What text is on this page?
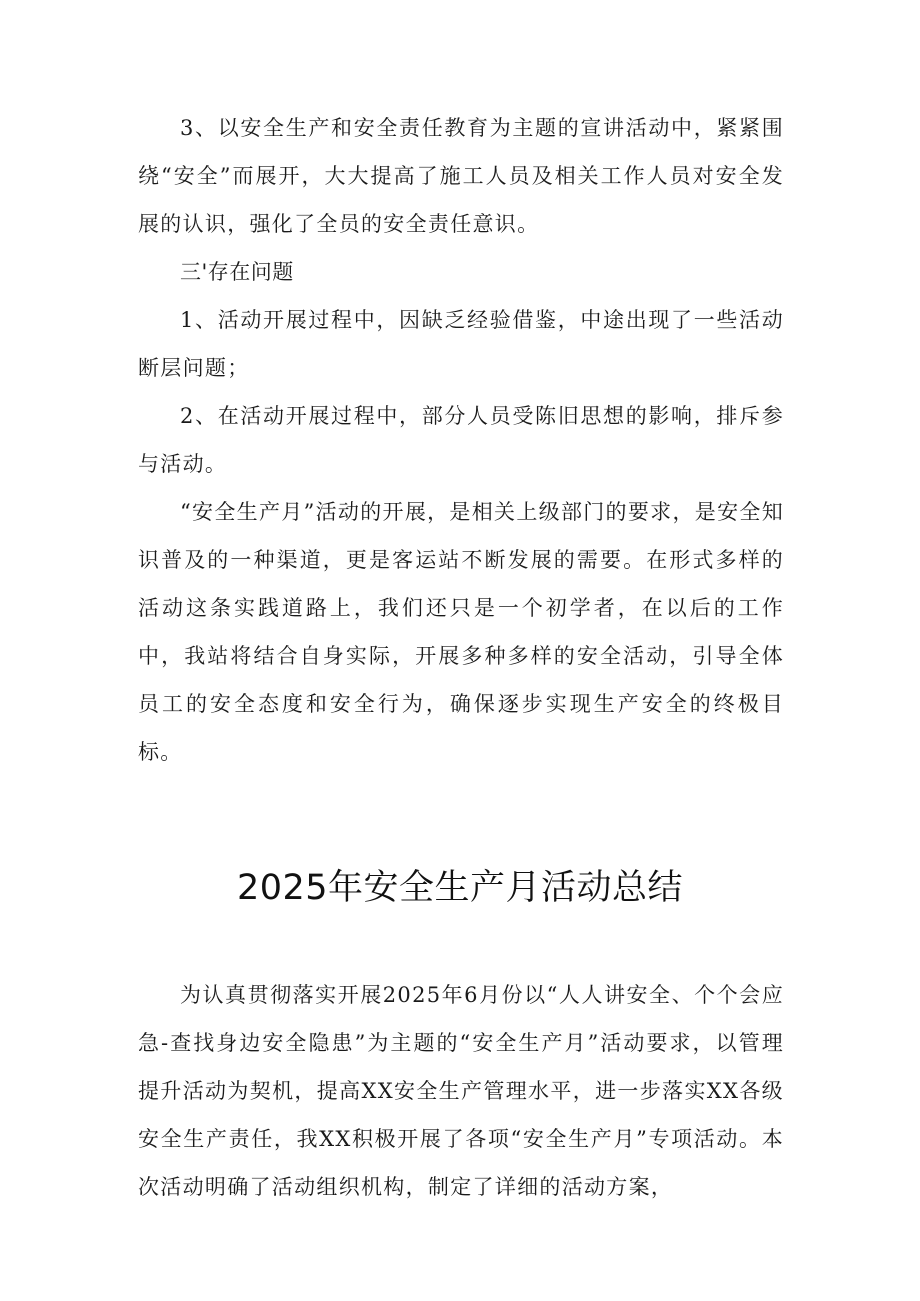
3、以安全生产和安全责任教育为主题的宣讲活动中，紧紧围绕“安全”而展开，大大提高了施工人员及相关工作人员对安全发展的认识，强化了全员的安全责任意识。

三'存在问题

1、活动开展过程中，因缺乏经验借鉴，中途出现了一些活动断层问题；

2、在活动开展过程中，部分人员受陈旧思想的影响，排斥参与活动。

“安全生产月”活动的开展，是相关上级部门的要求，是安全知识普及的一种渠道，更是客运站不断发展的需要。在形式多样的活动这条实践道路上，我们还只是一个初学者，在以后的工作中，我站将结合自身实际，开展多种多样的安全活动，引导全体员工的安全态度和安全行为，确保逐步实现生产安全的终极目标。

2025年安全生产月活动总结

为认真贯彻落实开展2025年6月份以“人人讲安全、个个会应急-查找身边安全隐患”为主题的“安全生产月”活动要求，以管理提升活动为契机，提高XX安全生产管理水平，进一步落实XX各级安全生产责任，我XX积极开展了各项“安全生产月”专项活动。本次活动明确了活动组织机构，制定了详细的活动方案，
